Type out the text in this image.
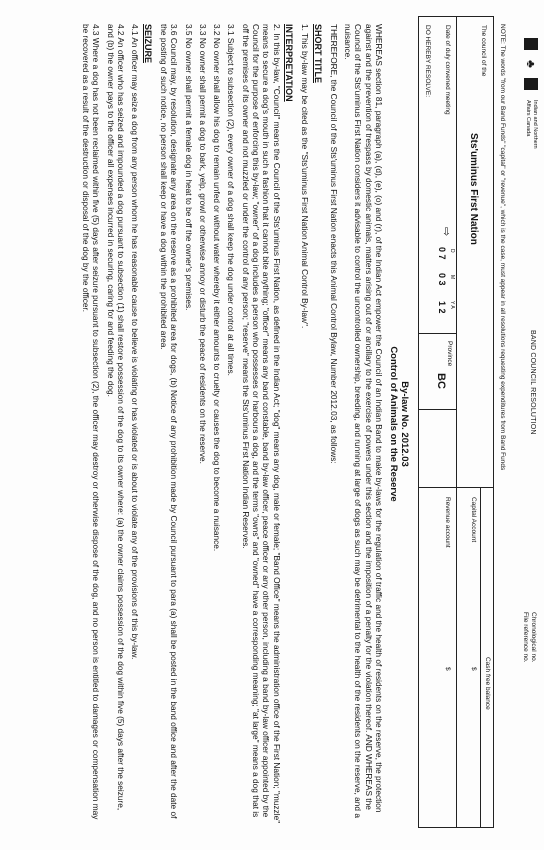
♣
Indian and Northern
Affairs Canada
BAND COUNCIL RESOLUTION
Chronological no.
File reference no.
NOTE: The words "from our Band Funds" "capital" or "revenue", which is the case, must appear in all resolutions requesting expenditures from Band Funds
The council of the
Sts'uminus First Nation
Cash free balance
Capital Account
$
Date of duly convened meeting
⇨
D
0 7
M
0 3
Y A
1 2
Province
BC
Revenue account
$
DO HEREBY RESOLVE:
By-law No. 2012.03
Control of Animals on the Reserve

WHEREAS section 81, paragraph (a), (d), (e), (o) and (r), of the Indian Act empower the Council of an Indian Band to make by-laws for the regulation of traffic and the health of residents on the reserve, the protection against and the prevention of trespass by domestic animals, matters arising out of or ancillary to the exercise of powers under this section and the imposition of a penalty for the violation thereof. AND WHEREAS the Council of the Sts'uminus First Nation considers it advisable to control the uncontrolled ownership, breeding, and running at large of dogs as such may be detrimental to the health of the residents on the reserve, and a nuisance.

THEREFORE, the Council of the Sts'uminus First Nation enacts this Animal Control Bylaw, Number 2012.03, as follows:

SHORT TITLE

1. This by-law may be cited as the "Sts'uminus First Nation Animal Control By-law".

INTERPRETATION

2. In this by-law, "Council" means the Council of the Sts'uminus First Nation, as defined in the Indian Act; "dog" means any dog, male or female; "Band Office" means the administration office of the First Nation; "muzzle" means to secure a dog's mouth in such a fashion that it cannot bite anything; "officer" means any band constable, band by-law officer, peace officer or any other person, including a band by-law officer appointed by the Council for the purpose of enforcing this by-law; "owner" of a dog includes a person who possesses or harbours a dog, and the terms "owns" and "owned" have a corresponding meaning; "at large" means a dog that is off the premises of its owner and not muzzled or under the control of any person; "reserve" means the Sts'uminus First Nation Indian Reserves.

3.1 Subject to subsection (2), every owner of a dog shall keep the dog under control at all times.

3.2 No owner shall allow his dog to remain unfed or without water whereby it either amounts to cruelty or causes the dog to become a nuisance.

3.3 No owner shall permit a dog to bark, yelp, growl or otherwise annoy or disturb the peace of residents on the reserve.

3.5 No owner shall permit a female dog in heat to be off the owner's premises.

3.6 Council may, by resolution, designate any area on the reserve as a prohibited area for dogs, (b) Notice of any prohibition made by Council pursuant to para (a) shall be posted in the band office and after the date of the posting of such notice, no person shall keep or have a dog within the prohibited area.

SEIZURE

4.1 An officer may seize a dog from any person whom he has reasonable cause to believe is violating or has violated or is about to violate any of the provisions of this by-law.

4.2 An officer who has seized and impounded a dog pursuant to subsection (1) shall restore possession of the dog to its owner where: (a) the owner claims possession of the dog within five (5) days after the seizure, and (b) the owner pays to the officer all expenses incurred in securing, caring for and feeding the dog.

4.3 Where a dog has not been reclaimed within five (5) days after seizure pursuant to subsection (2), the officer may destroy or otherwise dispose of the dog, and no person is entitled to damages or compensation may be recovered as a result of the destruction or disposal of the dog by the officer.
